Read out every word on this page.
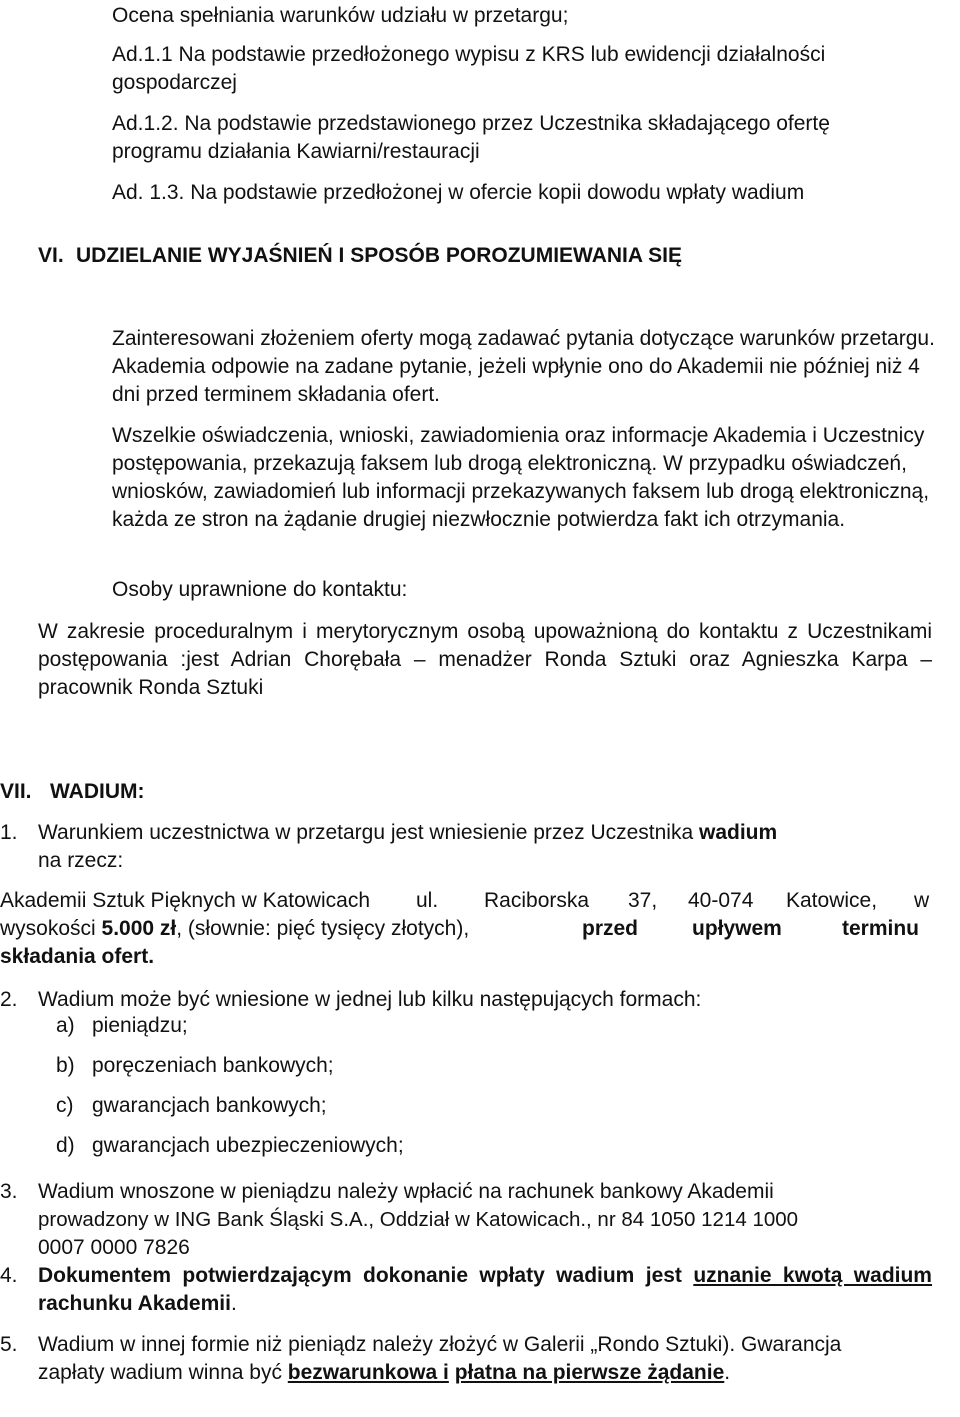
Ocena spełniania warunków udziału w przetargu;

Ad.1.1 Na podstawie przedłożonego wypisu z KRS lub ewidencji działalności gospodarczej

Ad.1.2. Na podstawie przedstawionego przez Uczestnika składającego ofertę programu działania Kawiarni/restauracji

Ad. 1.3. Na podstawie przedłożonej w ofercie kopii dowodu wpłaty wadium

VI. UDZIELANIE WYJAŚNIEŃ I SPOSÓB POROZUMIEWANIA SIĘ

Zainteresowani złożeniem oferty mogą zadawać pytania dotyczące warunków przetargu. Akademia odpowie na zadane pytanie, jeżeli wpłynie ono do Akademii nie później niż 4 dni przed terminem składania ofert.

Wszelkie oświadczenia, wnioski, zawiadomienia oraz informacje Akademia i Uczestnicy postępowania, przekazują faksem lub drogą elektroniczną. W przypadku oświadczeń, wniosków, zawiadomień lub informacji przekazywanych faksem lub drogą elektroniczną, każda ze stron na żądanie drugiej niezwłocznie potwierdza fakt ich otrzymania.

Osoby uprawnione do kontaktu:

W zakresie proceduralnym i merytorycznym osobą upoważnioną do kontaktu z Uczestnikami postępowania :jest Adrian Chorębała – menadżer Ronda Sztuki oraz Agnieszka Karpa – pracownik Ronda Sztuki

VII. WADIUM:
1. Warunkiem uczestnictwa w przetargu jest wniesienie przez Uczestnika wadium
na rzecz:

Akademii Sztuk Pięknych w Katowicach ul. Raciborska 37, 40-074 Katowice, w
wysokości 5.000 zł, (słownie: pięć tysięcy złotych),	przed	upływem	terminu
składania ofert.
2. Wadium może być wniesione w jednej lub kilku następujących formach:

a) pieniądzu;
b) poręczeniach bankowych;
c) gwarancjach bankowych;
d) gwarancjach ubezpieczeniowych;
3. Wadium wnoszone w pieniądzu należy wpłacić na rachunek bankowy Akademii
prowadzony w ING Bank Śląski S.A., Oddział w Katowicach., nr 84 1050 1214 1000
0007 0000 7826
4. Dokumentem potwierdzającym dokonanie wpłaty wadium jest uznanie kwotą wadium rachunku Akademii.

5. Wadium w innej formie niż pieniądz należy złożyć w Galerii „Rondo Sztuki). Gwarancja zapłaty wadium winna być bezwarunkowa i płatna na pierwsze żądanie.
